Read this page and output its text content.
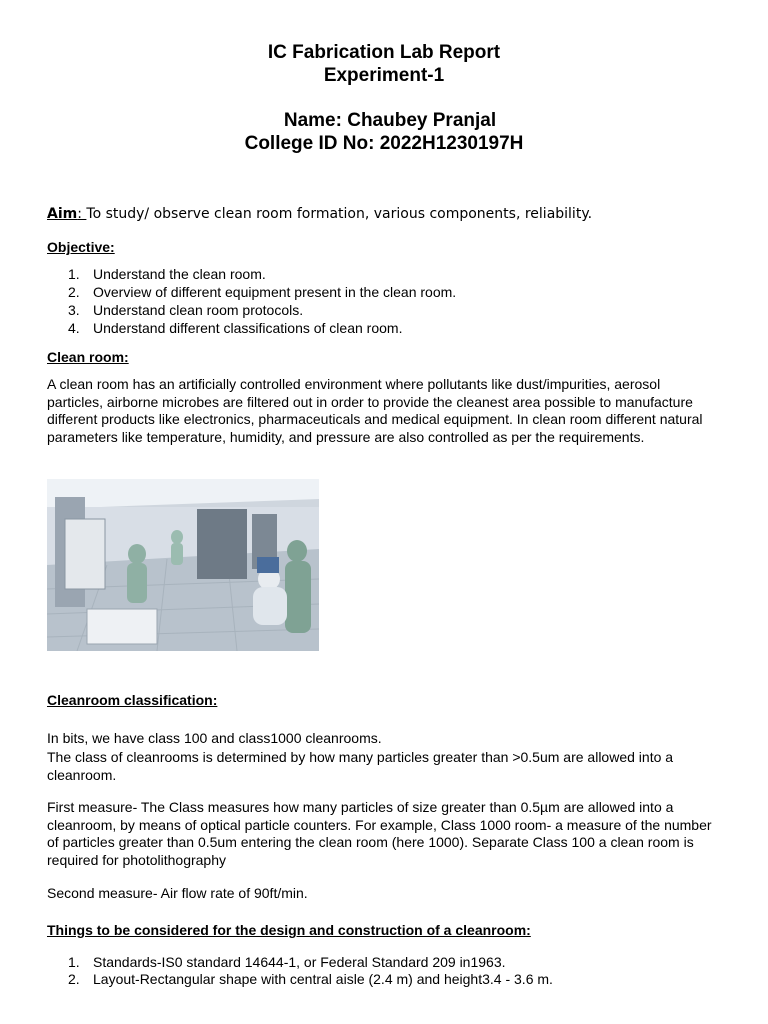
IC Fabrication Lab Report
Experiment-1
Name: Chaubey Pranjal
College ID No: 2022H1230197H
Aim: To study/ observe clean room formation, various components, reliability.
Objective:
1. Understand the clean room.
2. Overview of different equipment present in the clean room.
3. Understand clean room protocols.
4. Understand different classifications of clean room.
Clean room:
A clean room has an artificially controlled environment where pollutants like dust/impurities, aerosol particles, airborne microbes are filtered out in order to provide the cleanest area possible to manufacture different products like electronics, pharmaceuticals and medical equipment. In clean room different natural parameters like temperature, humidity, and pressure are also controlled as per the requirements.
Cleanroom classification:
In bits, we have class 100 and class1000 cleanrooms.
The class of cleanrooms is determined by how many particles greater than >0.5um are allowed into a cleanroom.
First measure- The Class measures how many particles of size greater than 0.5µm are allowed into a cleanroom, by means of optical particle counters. For example, Class 1000 room- a measure of the number of particles greater than 0.5um entering the clean room (here 1000). Separate Class 100 a clean room is required for photolithography
Second measure- Air flow rate of 90ft/min.
Things to be considered for the design and construction of a cleanroom:
1. Standards-IS0 standard 14644-1, or Federal Standard 209 in1963.
2. Layout-Rectangular shape with central aisle (2.4 m) and height3.4 - 3.6 m.
